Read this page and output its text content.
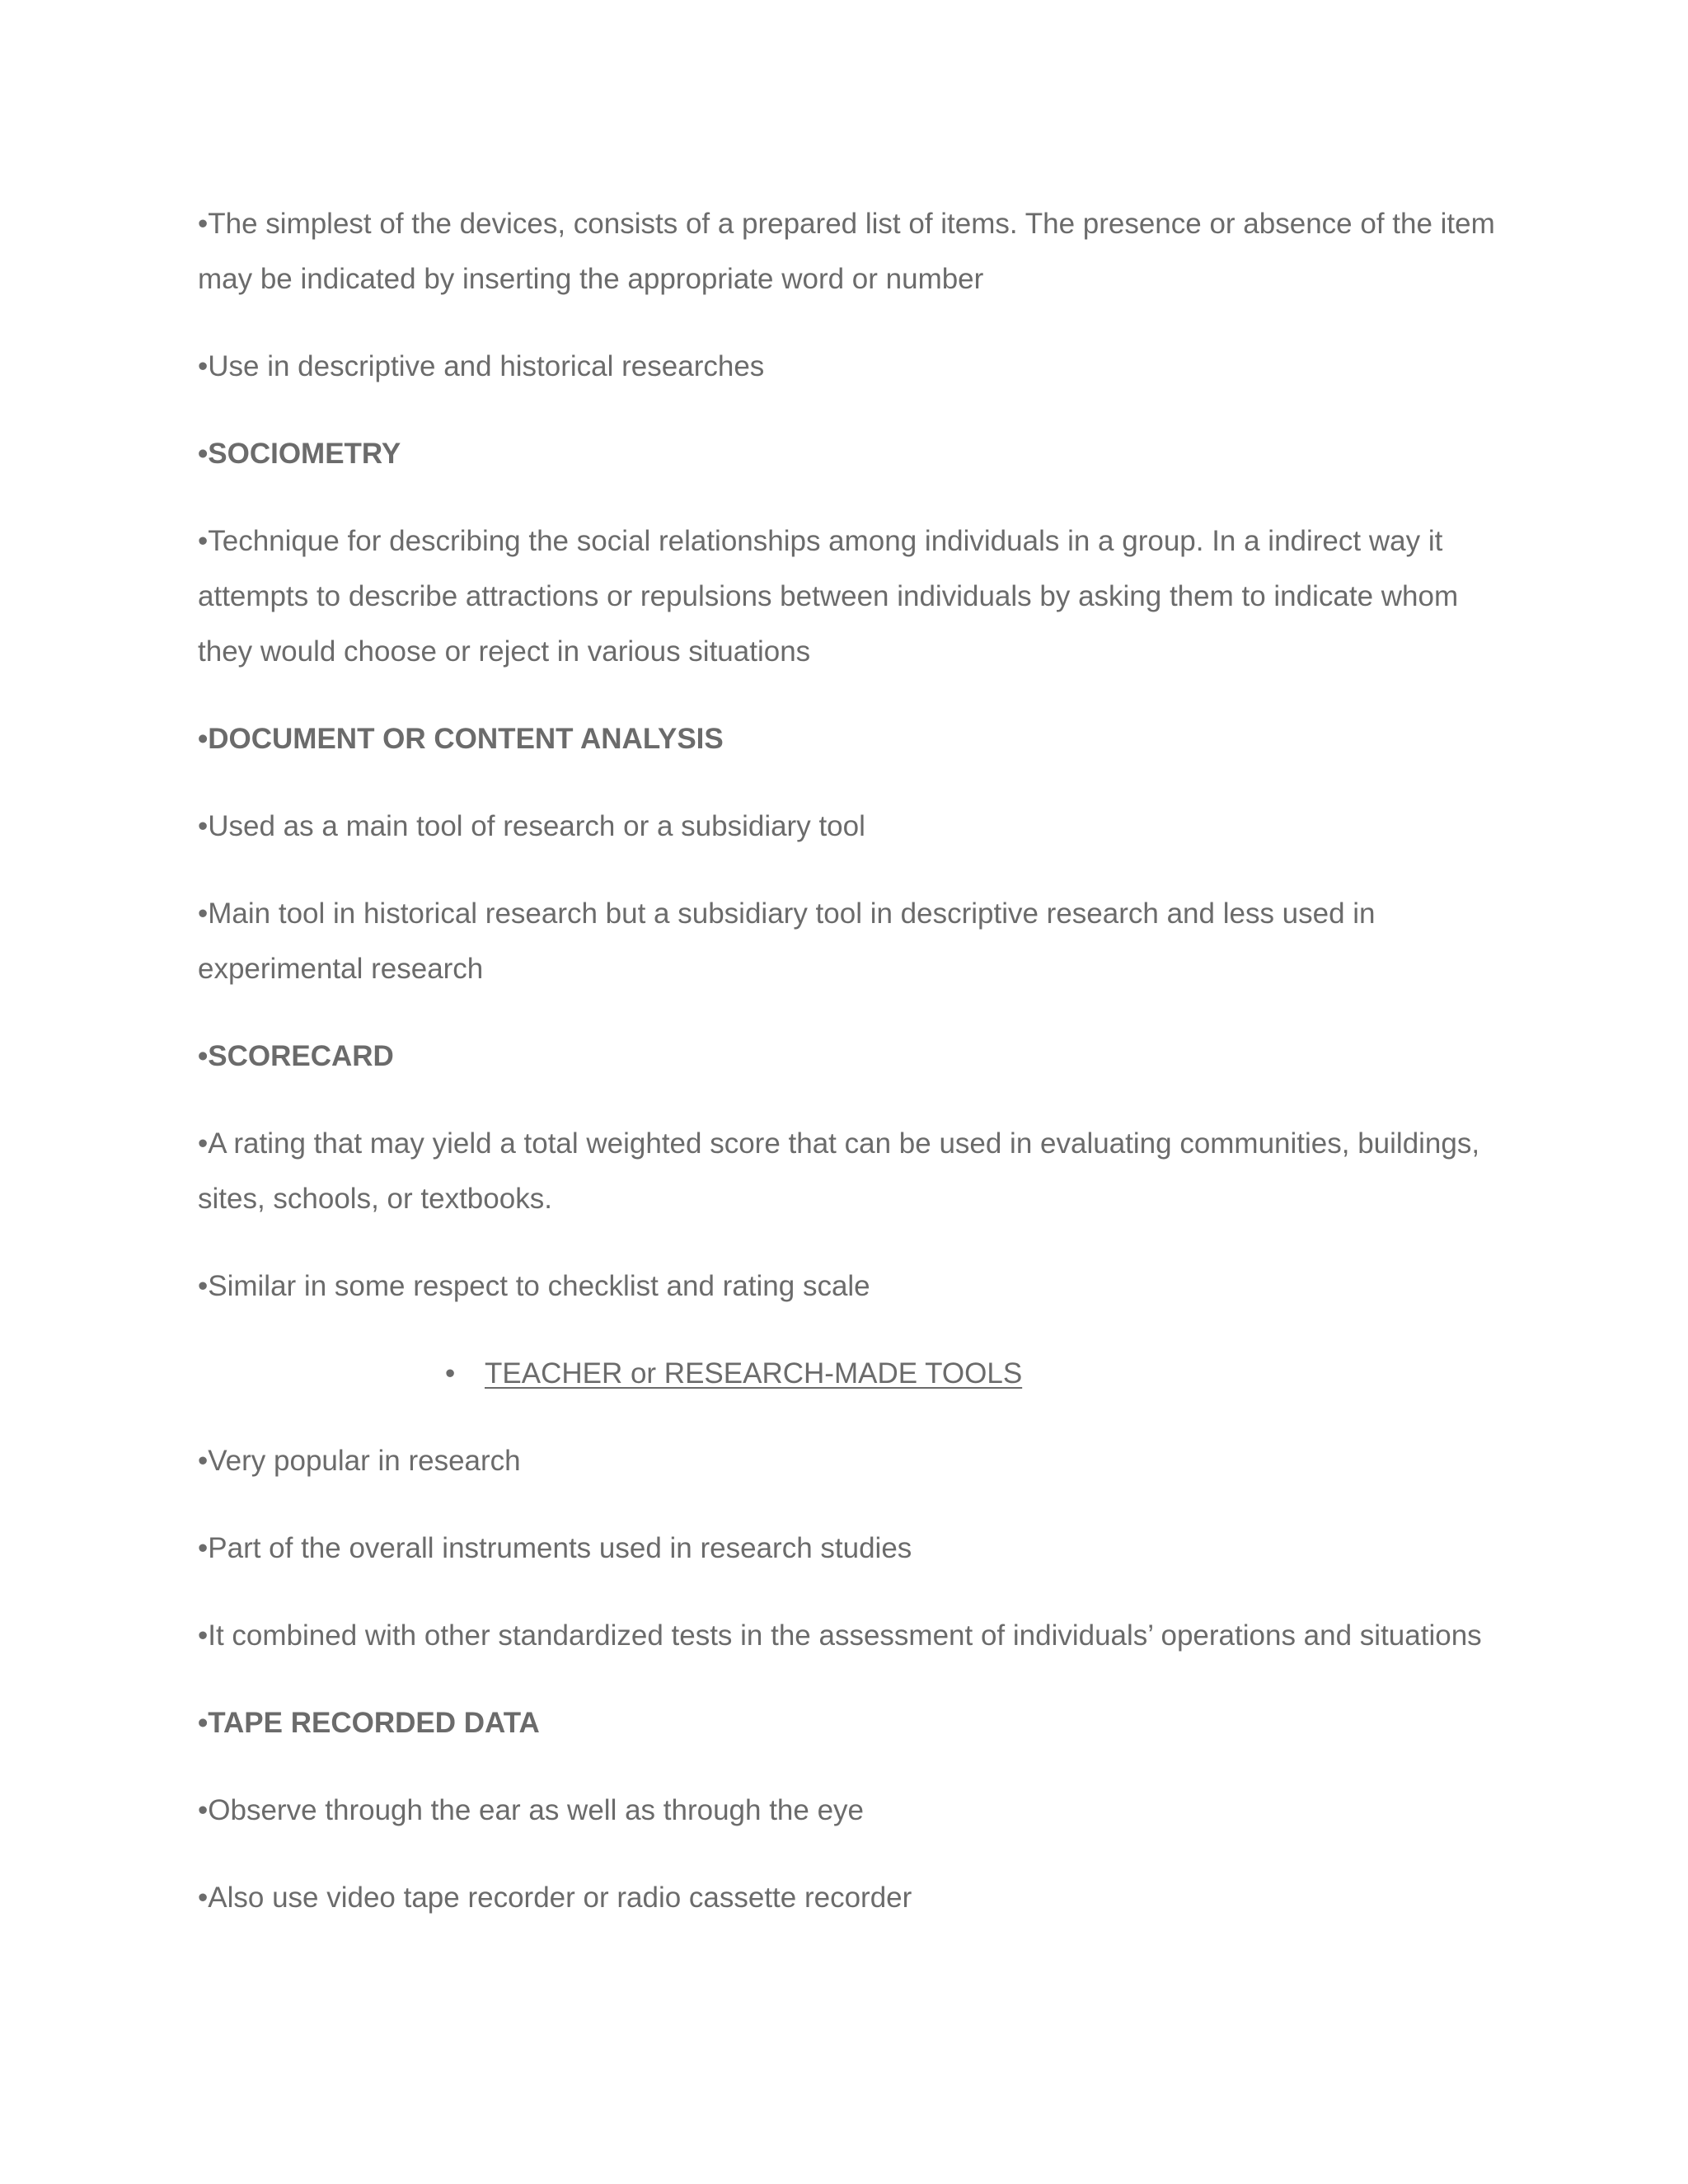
•The simplest of the devices, consists of a prepared list of items. The presence or absence of the item may be indicated by inserting the appropriate word or number

•Use in descriptive and historical researches

•SOCIOMETRY

•Technique for describing the social relationships among individuals in a group. In a indirect way it attempts to describe attractions or repulsions between individuals by asking them to indicate whom they would choose or reject in various situations

•DOCUMENT OR CONTENT ANALYSIS

•Used as a main tool of research or a subsidiary tool

•Main tool in historical research but a subsidiary tool in descriptive research and less used in experimental research

•SCORECARD

•A rating that may yield a total weighted score that can be used in evaluating communities, buildings, sites, schools, or textbooks.

•Similar in some respect to checklist and rating scale

•	TEACHER or RESEARCH-MADE TOOLS

•Very popular in research

•Part of the overall instruments used in research studies

•It combined with other standardized tests in the assessment of individuals’ operations and situations

•TAPE RECORDED DATA

•Observe through the ear as well as through the eye

•Also use video tape recorder or radio cassette recorder
